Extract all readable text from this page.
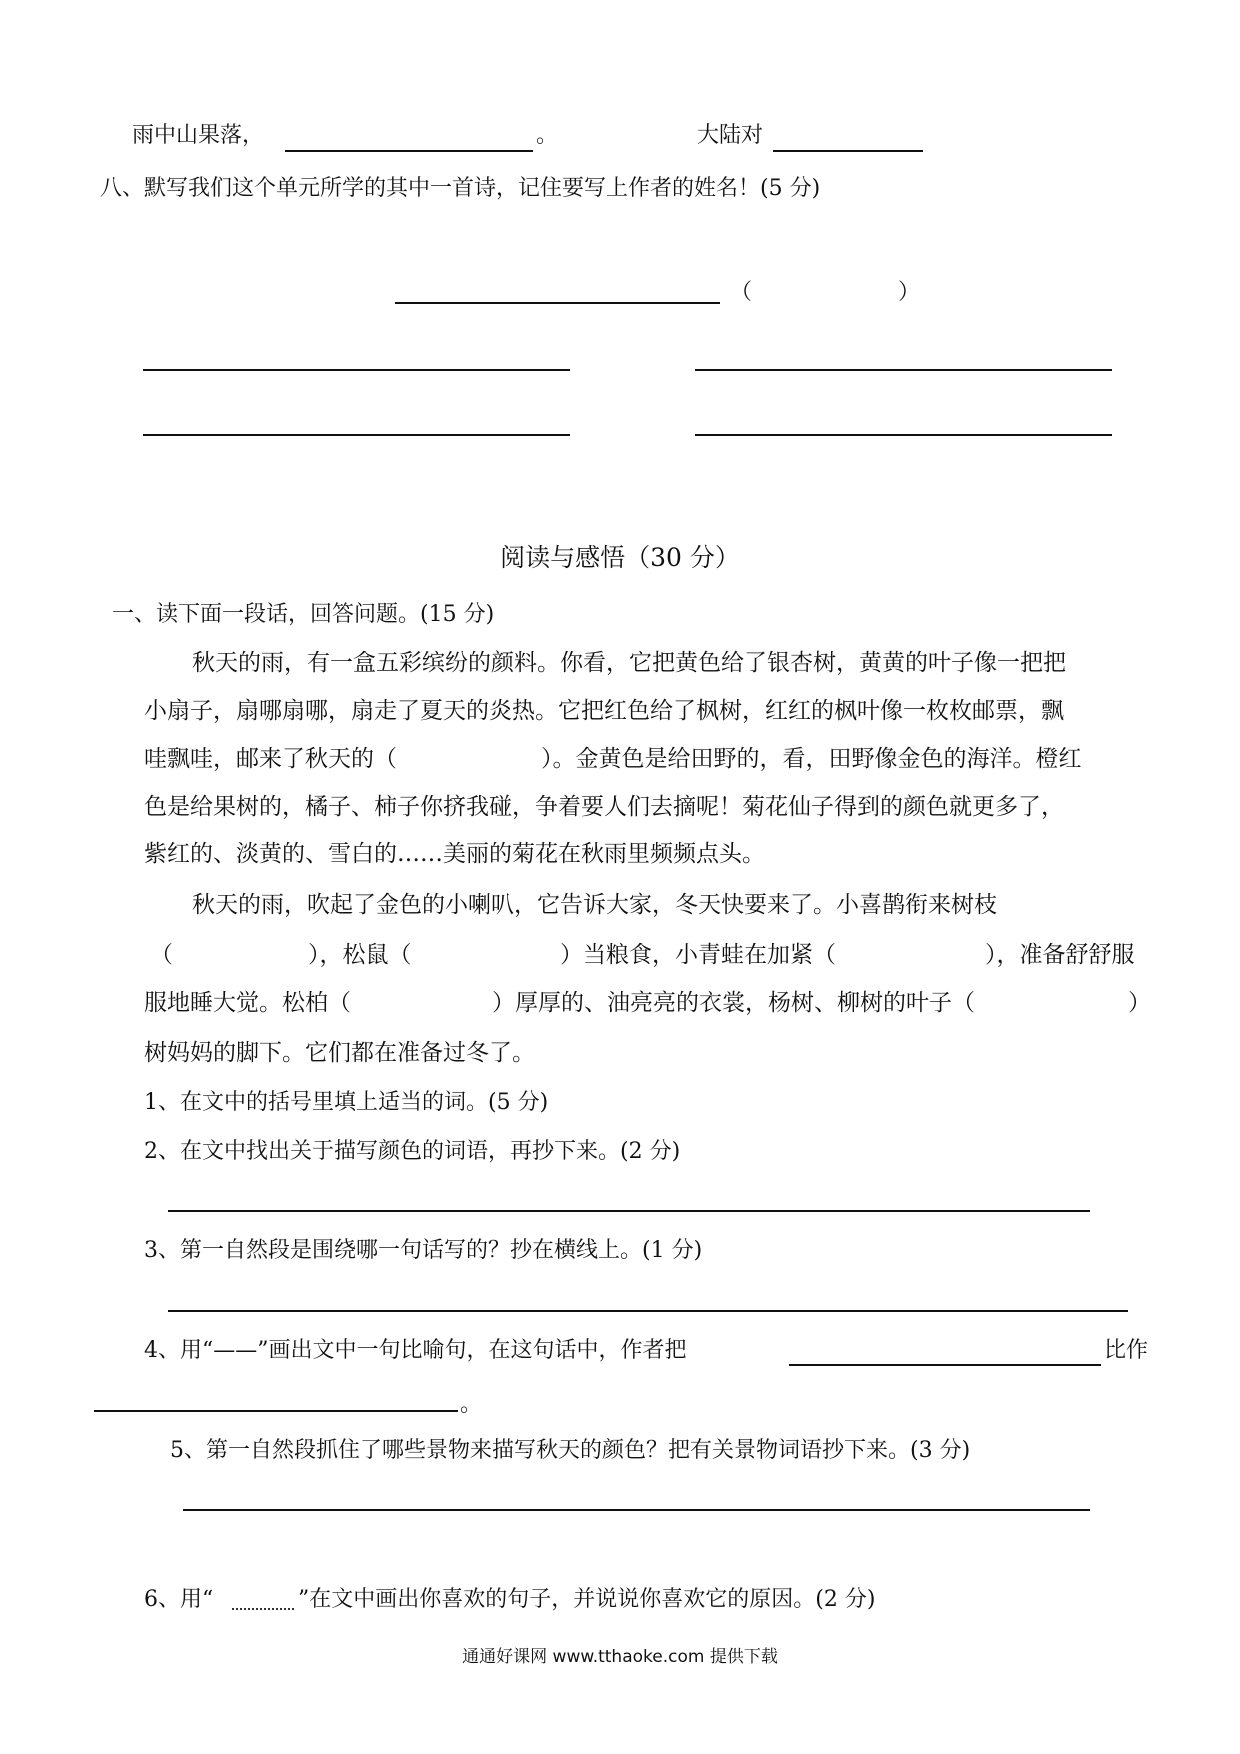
雨中山果落，	。	大陆对
八、默写我们这个单元所学的其中一首诗，记住要写上作者的姓名！(5 分)
（	）
阅读与感悟（30 分）
一、读下面一段话，回答问题。(15 分)
秋天的雨，有一盒五彩缤纷的颜料。你看，它把黄色给了银杏树，黄黄的叶子像一把把
小扇子，扇哪扇哪，扇走了夏天的炎热。它把红色给了枫树，红红的枫叶像一枚枚邮票，飘
哇飘哇，邮来了秋天的（	）。金黄色是给田野的，看，田野像金色的海洋。橙红
色是给果树的，橘子、柿子你挤我碰，争着要人们去摘呢！菊花仙子得到的颜色就更多了，
紫红的、淡黄的、雪白的……美丽的菊花在秋雨里频频点头。
秋天的雨，吹起了金色的小喇叭，它告诉大家，冬天快要来了。小喜鹊衔来树枝
（	），松鼠（	）当粮食，小青蛙在加紧（	），准备舒舒服
服地睡大觉。松柏（	）厚厚的、油亮亮的衣裳，杨树、柳树的叶子（	）
树妈妈的脚下。它们都在准备过冬了。
1、在文中的括号里填上适当的词。(5 分)
2、在文中找出关于描写颜色的词语，再抄下来。(2 分)
3、第一自然段是围绕哪一句话写的？抄在横线上。(1 分)
4、用“——”画出文中一句比喻句，在这句话中，作者把	比作
。
5、第一自然段抓住了哪些景物来描写秋天的颜色？把有关景物词语抄下来。(3 分)
6、用“	”在文中画出你喜欢的句子，并说说你喜欢它的原因。(2 分)
通通好课网 www.tthaoke.com 提供下载
